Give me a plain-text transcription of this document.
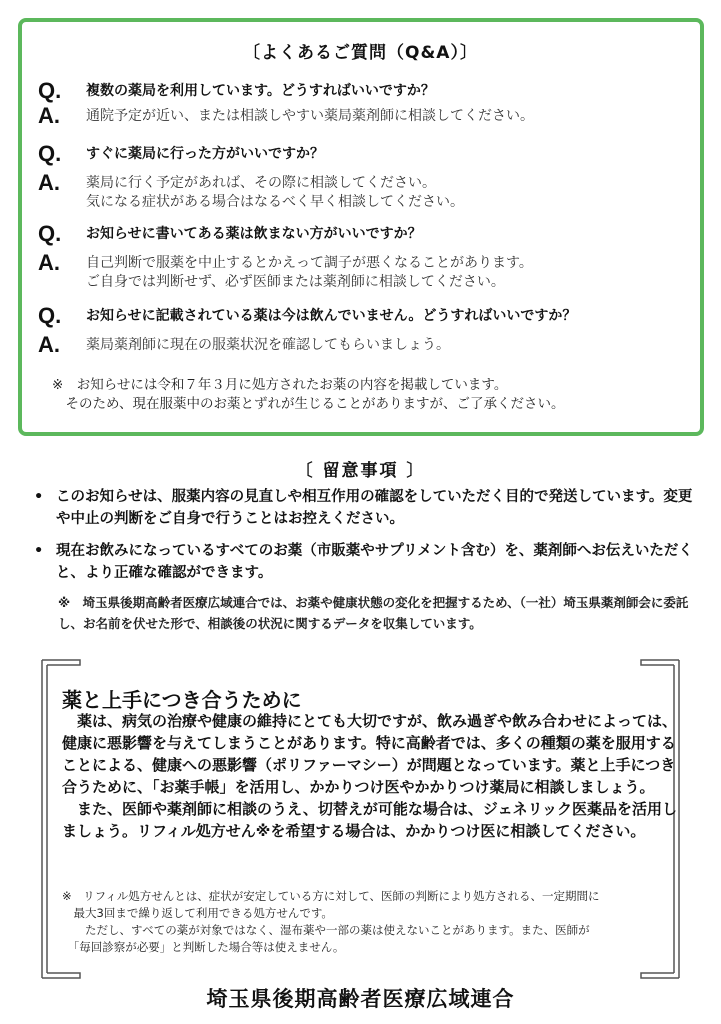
〔よくあるご質問（Q&A）〕
Q. 複数の薬局を利用しています。どうすればいいですか？
A. 通院予定が近い、または相談しやすい薬局薬剤師に相談してください。
Q. すぐに薬局に行った方がいいですか？
A. 薬局に行く予定があれば、その際に相談してください。
気になる症状がある場合はなるべく早く相談してください。
Q. お知らせに書いてある薬は飲まない方がいいですか？
A. 自己判断で服薬を中止するとかえって調子が悪くなることがあります。
ご自身では判断せず、必ず医師または薬剤師に相談してください。
Q. お知らせに記載されている薬は今は飲んでいません。どうすればいいですか？
A. 薬局薬剤師に現在の服薬状況を確認してもらいましょう。
※　お知らせには令和７年３月に処方されたお薬の内容を掲載しています。
　そのため、現在服薬中のお薬とずれが生じることがありますが、ご了承ください。
〔 留意事項 〕
• このお知らせは、服薬内容の見直しや相互作用の確認をしていただく目的で発送しています。変更や中止の判断をご自身で行うことはお控えください。
• 現在お飲みになっているすべてのお薬（市販薬やサプリメント含む）を、薬剤師へお伝えいただくと、より正確な確認ができます。
※　埼玉県後期高齢者医療広域連合では、お薬や健康状態の変化を把握するため、（一社）埼玉県薬剤師会に委託し、お名前を伏せた形で、相談後の状況に関するデータを収集しています。
薬と上手につき合うために

薬は、病気の治療や健康の維持にとても大切ですが、飲み過ぎや飲み合わせによっては、健康に悪影響を与えてしまうことがあります。特に高齢者では、多くの種類の薬を服用することによる、健康への悪影響（ポリファーマシー）が問題となっています。薬と上手につき合うために、「お薬手帳」を活用し、かかりつけ医やかかりつけ薬局に相談しましょう。

また、医師や薬剤師に相談のうえ、切替えが可能な場合は、ジェネリック医薬品を活用しましょう。リフィル処方せん※を希望する場合は、かかりつけ医に相談してください。

※　リフィル処方せんとは、症状が安定している方に対して、医師の判断により処方される、一定期間に
　最大3回まで繰り返して利用できる処方せんです。
　　ただし、すべての薬が対象ではなく、湿布薬や一部の薬は使えないことがあります。また、医師が
　「毎回診察が必要」と判断した場合等は使えません。
埼玉県後期高齢者医療広域連合
